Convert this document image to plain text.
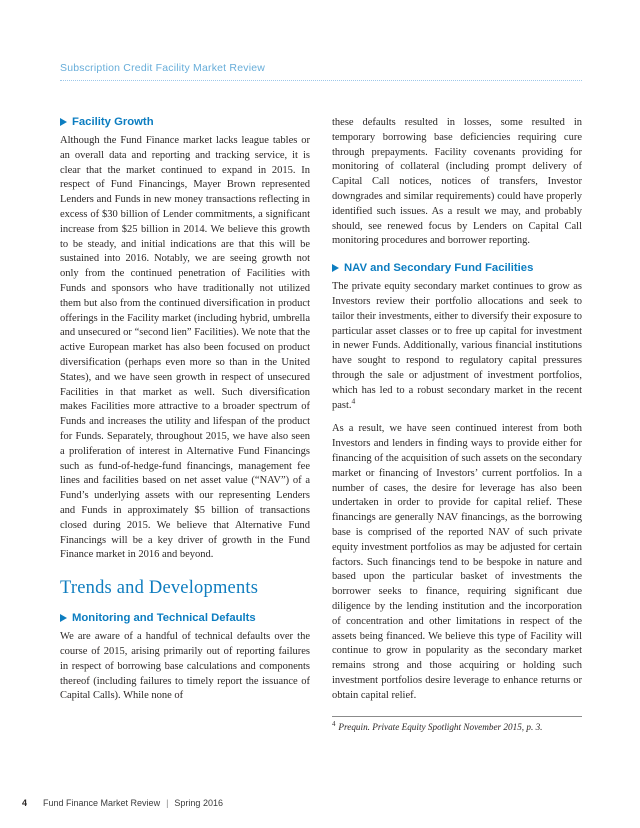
Subscription Credit Facility Market Review
Facility Growth

Although the Fund Finance market lacks league tables or an overall data and reporting and tracking service, it is clear that the market continued to expand in 2015. In respect of Fund Financings, Mayer Brown represented Lenders and Funds in new money transactions reflecting in excess of $30 billion of Lender commitments, a significant increase from $25 billion in 2014. We believe this growth to be steady, and initial indications are that this will be sustained into 2016. Notably, we are seeing growth not only from the continued penetration of Facilities with Funds and sponsors who have traditionally not utilized them but also from the continued diversification in product offerings in the Facility market (including hybrid, umbrella and unsecured or “second lien” Facilities). We note that the active European market has also been focused on product diversification (perhaps even more so than in the United States), and we have seen growth in respect of unsecured Facilities in that market as well. Such diversification makes Facilities more attractive to a broader spectrum of Funds and increases the utility and lifespan of the product for Funds. Separately, throughout 2015, we have also seen a proliferation of interest in Alternative Fund Financings such as fund-of-hedge-fund financings, management fee lines and facilities based on net asset value (“NAV”) of a Fund’s underlying assets with our representing Lenders and Funds in approximately $5 billion of transactions closed during 2015. We believe that Alternative Fund Financings will be a key driver of growth in the Fund Finance market in 2016 and beyond.

Trends and Developments
Monitoring and Technical Defaults

We are aware of a handful of technical defaults over the course of 2015, arising primarily out of reporting failures in respect of borrowing base calculations and components thereof (including failures to timely report the issuance of Capital Calls). While none of

these defaults resulted in losses, some resulted in temporary borrowing base deficiencies requiring cure through prepayments. Facility covenants providing for monitoring of collateral (including prompt delivery of Capital Call notices, notices of transfers, Investor downgrades and similar requirements) could have properly identified such issues. As a result we may, and probably should, see renewed focus by Lenders on Capital Call monitoring procedures and borrower reporting.

NAV and Secondary Fund Facilities

The private equity secondary market continues to grow as Investors review their portfolio allocations and seek to tailor their investments, either to diversify their exposure to particular asset classes or to free up capital for investment in newer Funds. Additionally, various financial institutions have sought to respond to regulatory capital pressures through the sale or adjustment of investment portfolios, which has led to a robust secondary market in the recent past.$^4$

As a result, we have seen continued interest from both Investors and lenders in finding ways to provide either for financing of the acquisition of such assets on the secondary market or financing of Investors’ current portfolios. In a number of cases, the desire for leverage has also been undertaken in order to provide for capital relief. These financings are generally NAV financings, as the borrowing base is comprised of the reported NAV of such private equity investment portfolios as may be adjusted for certain factors. Such financings tend to be bespoke in nature and based upon the particular basket of investments the borrower seeks to finance, requiring significant due diligence by the lending institution and the incorporation of concentration and other limitations in respect of the assets being financed. We believe this type of Facility will continue to grow in popularity as the secondary market remains strong and those acquiring or holding such investment portfolios desire leverage to enhance returns or obtain capital relief.

$^4$ Prequin. Private Equity Spotlight November 2015, p. 3.
4 Fund Finance Market Review | Spring 2016
